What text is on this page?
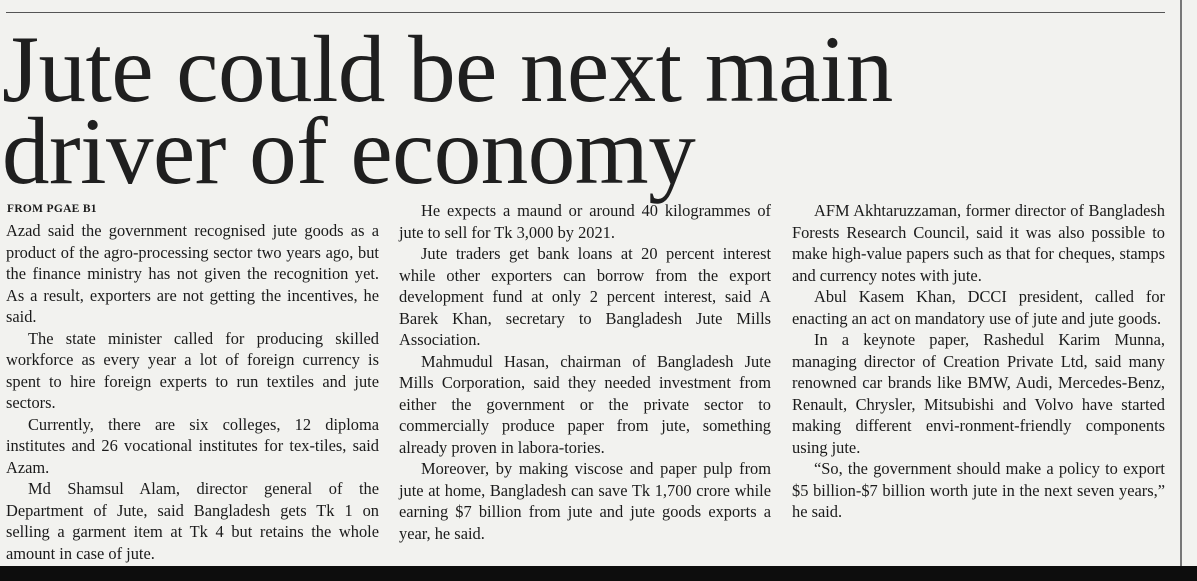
Jute could be next main
driver of economy
FROM PGAE B1

Azad said the government recognised jute goods as a product of the agro-processing sector two years ago, but the finance ministry has not given the recognition yet. As a result, exporters are not getting the incentives, he said.

The state minister called for producing skilled workforce as every year a lot of foreign currency is spent to hire foreign experts to run textiles and jute sectors.

Currently, there are six colleges, 12 diploma institutes and 26 vocational institutes for tex-tiles, said Azam.

Md Shamsul Alam, director general of the Department of Jute, said Bangladesh gets Tk 1 on selling a garment item at Tk 4 but retains the whole amount in case of jute.

He expects a maund or around 40 kilogrammes of jute to sell for Tk 3,000 by 2021.

Jute traders get bank loans at 20 percent interest while other exporters can borrow from the export development fund at only 2 percent interest, said A Barek Khan, secretary to Bangladesh Jute Mills Association.

Mahmudul Hasan, chairman of Bangladesh Jute Mills Corporation, said they needed investment from either the government or the private sector to commercially produce paper from jute, something already proven in labora-tories.

Moreover, by making viscose and paper pulp from jute at home, Bangladesh can save Tk 1,700 crore while earning $7 billion from jute and jute goods exports a year, he said.

AFM Akhtaruzzaman, former director of Bangladesh Forests Research Council, said it was also possible to make high-value papers such as that for cheques, stamps and currency notes with jute.

Abul Kasem Khan, DCCI president, called for enacting an act on mandatory use of jute and jute goods.

In a keynote paper, Rashedul Karim Munna, managing director of Creation Private Ltd, said many renowned car brands like BMW, Audi, Mercedes-Benz, Renault, Chrysler, Mitsubishi and Volvo have started making different envi-ronment-friendly components using jute.

“So, the government should make a policy to export $5 billion-$7 billion worth jute in the next seven years,” he said.
